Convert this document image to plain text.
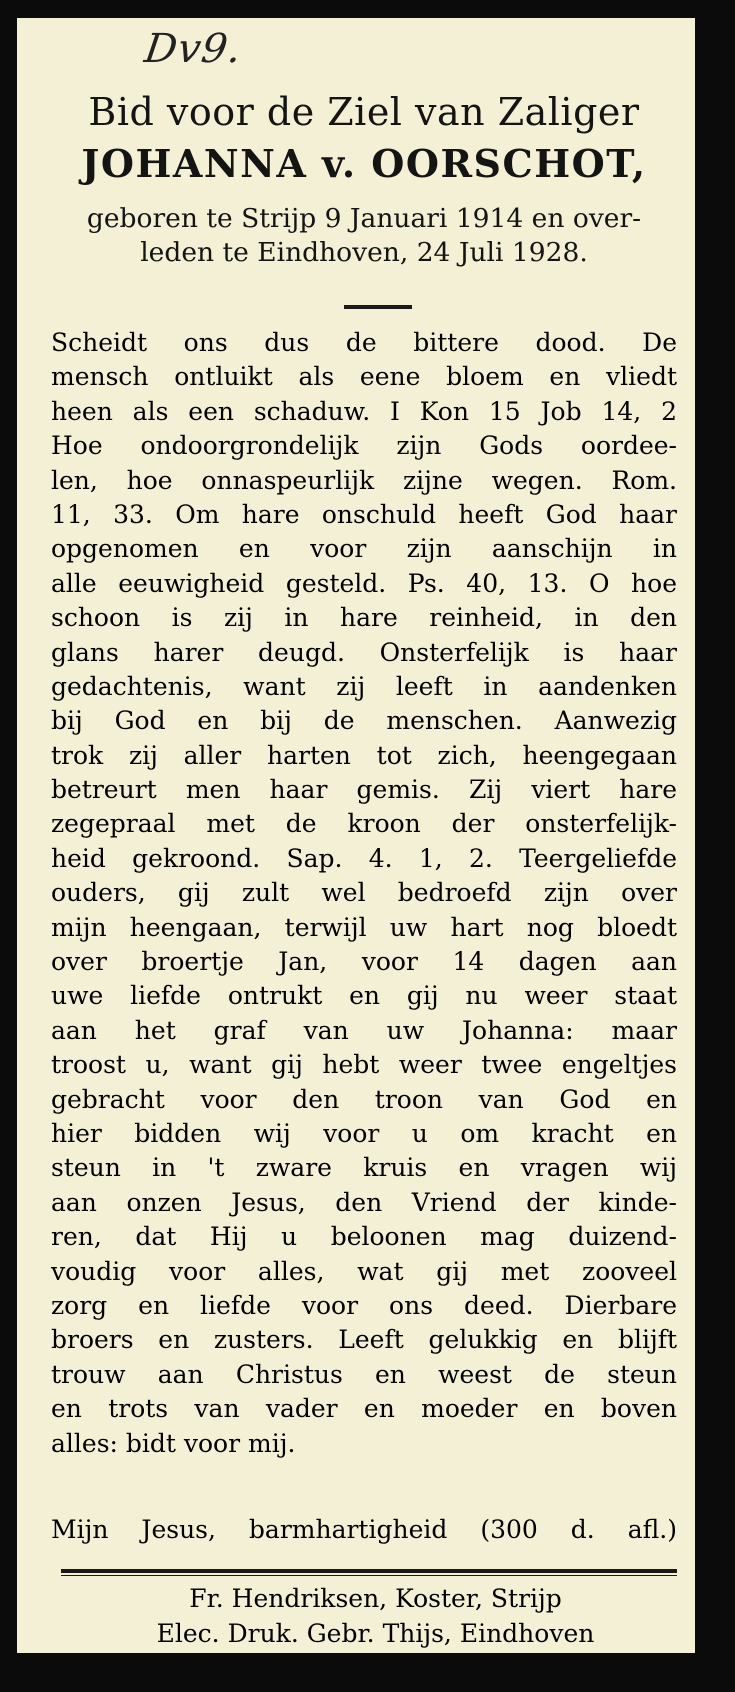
Dv9.
Bid voor de Ziel van Zaliger
JOHANNA v. OORSCHOT,
geboren te Strijp 9 Januari 1914 en over-
leden te Eindhoven, 24 Juli 1928.
Scheidt ons dus de bittere dood. De
mensch ontluikt als eene bloem en vliedt
heen als een schaduw. I Kon 15 Job 14, 2
Hoe ondoorgrondelijk zijn Gods oordee-
len, hoe onnaspeurlijk zijne wegen. Rom.
11, 33. Om hare onschuld heeft God haar
opgenomen en voor zijn aanschijn in
alle eeuwigheid gesteld. Ps. 40, 13. O hoe
schoon is zij in hare reinheid, in den
glans harer deugd. Onsterfelijk is haar
gedachtenis, want zij leeft in aandenken
bij God en bij de menschen. Aanwezig
trok zij aller harten tot zich, heengegaan
betreurt men haar gemis. Zij viert hare
zegepraal met de kroon der onsterfelijk-
heid gekroond. Sap. 4. 1, 2. Teergeliefde
ouders, gij zult wel bedroefd zijn over
mijn heengaan, terwijl uw hart nog bloedt
over broertje Jan, voor 14 dagen aan
uwe liefde ontrukt en gij nu weer staat
aan het graf van uw Johanna: maar
troost u, want gij hebt weer twee engeltjes
gebracht voor den troon van God en
hier bidden wij voor u om kracht en
steun in 't zware kruis en vragen wij
aan onzen Jesus, den Vriend der kinde-
ren, dat Hij u beloonen mag duizend-
voudig voor alles, wat gij met zooveel
zorg en liefde voor ons deed. Dierbare
broers en zusters. Leeft gelukkig en blijft
trouw aan Christus en weest de steun
en trots van vader en moeder en boven
alles: bidt voor mij.
Mijn Jesus, barmhartigheid (300 d. afl.)
Fr. Hendriksen, Koster, Strijp
Elec. Druk. Gebr. Thijs, Eindhoven
